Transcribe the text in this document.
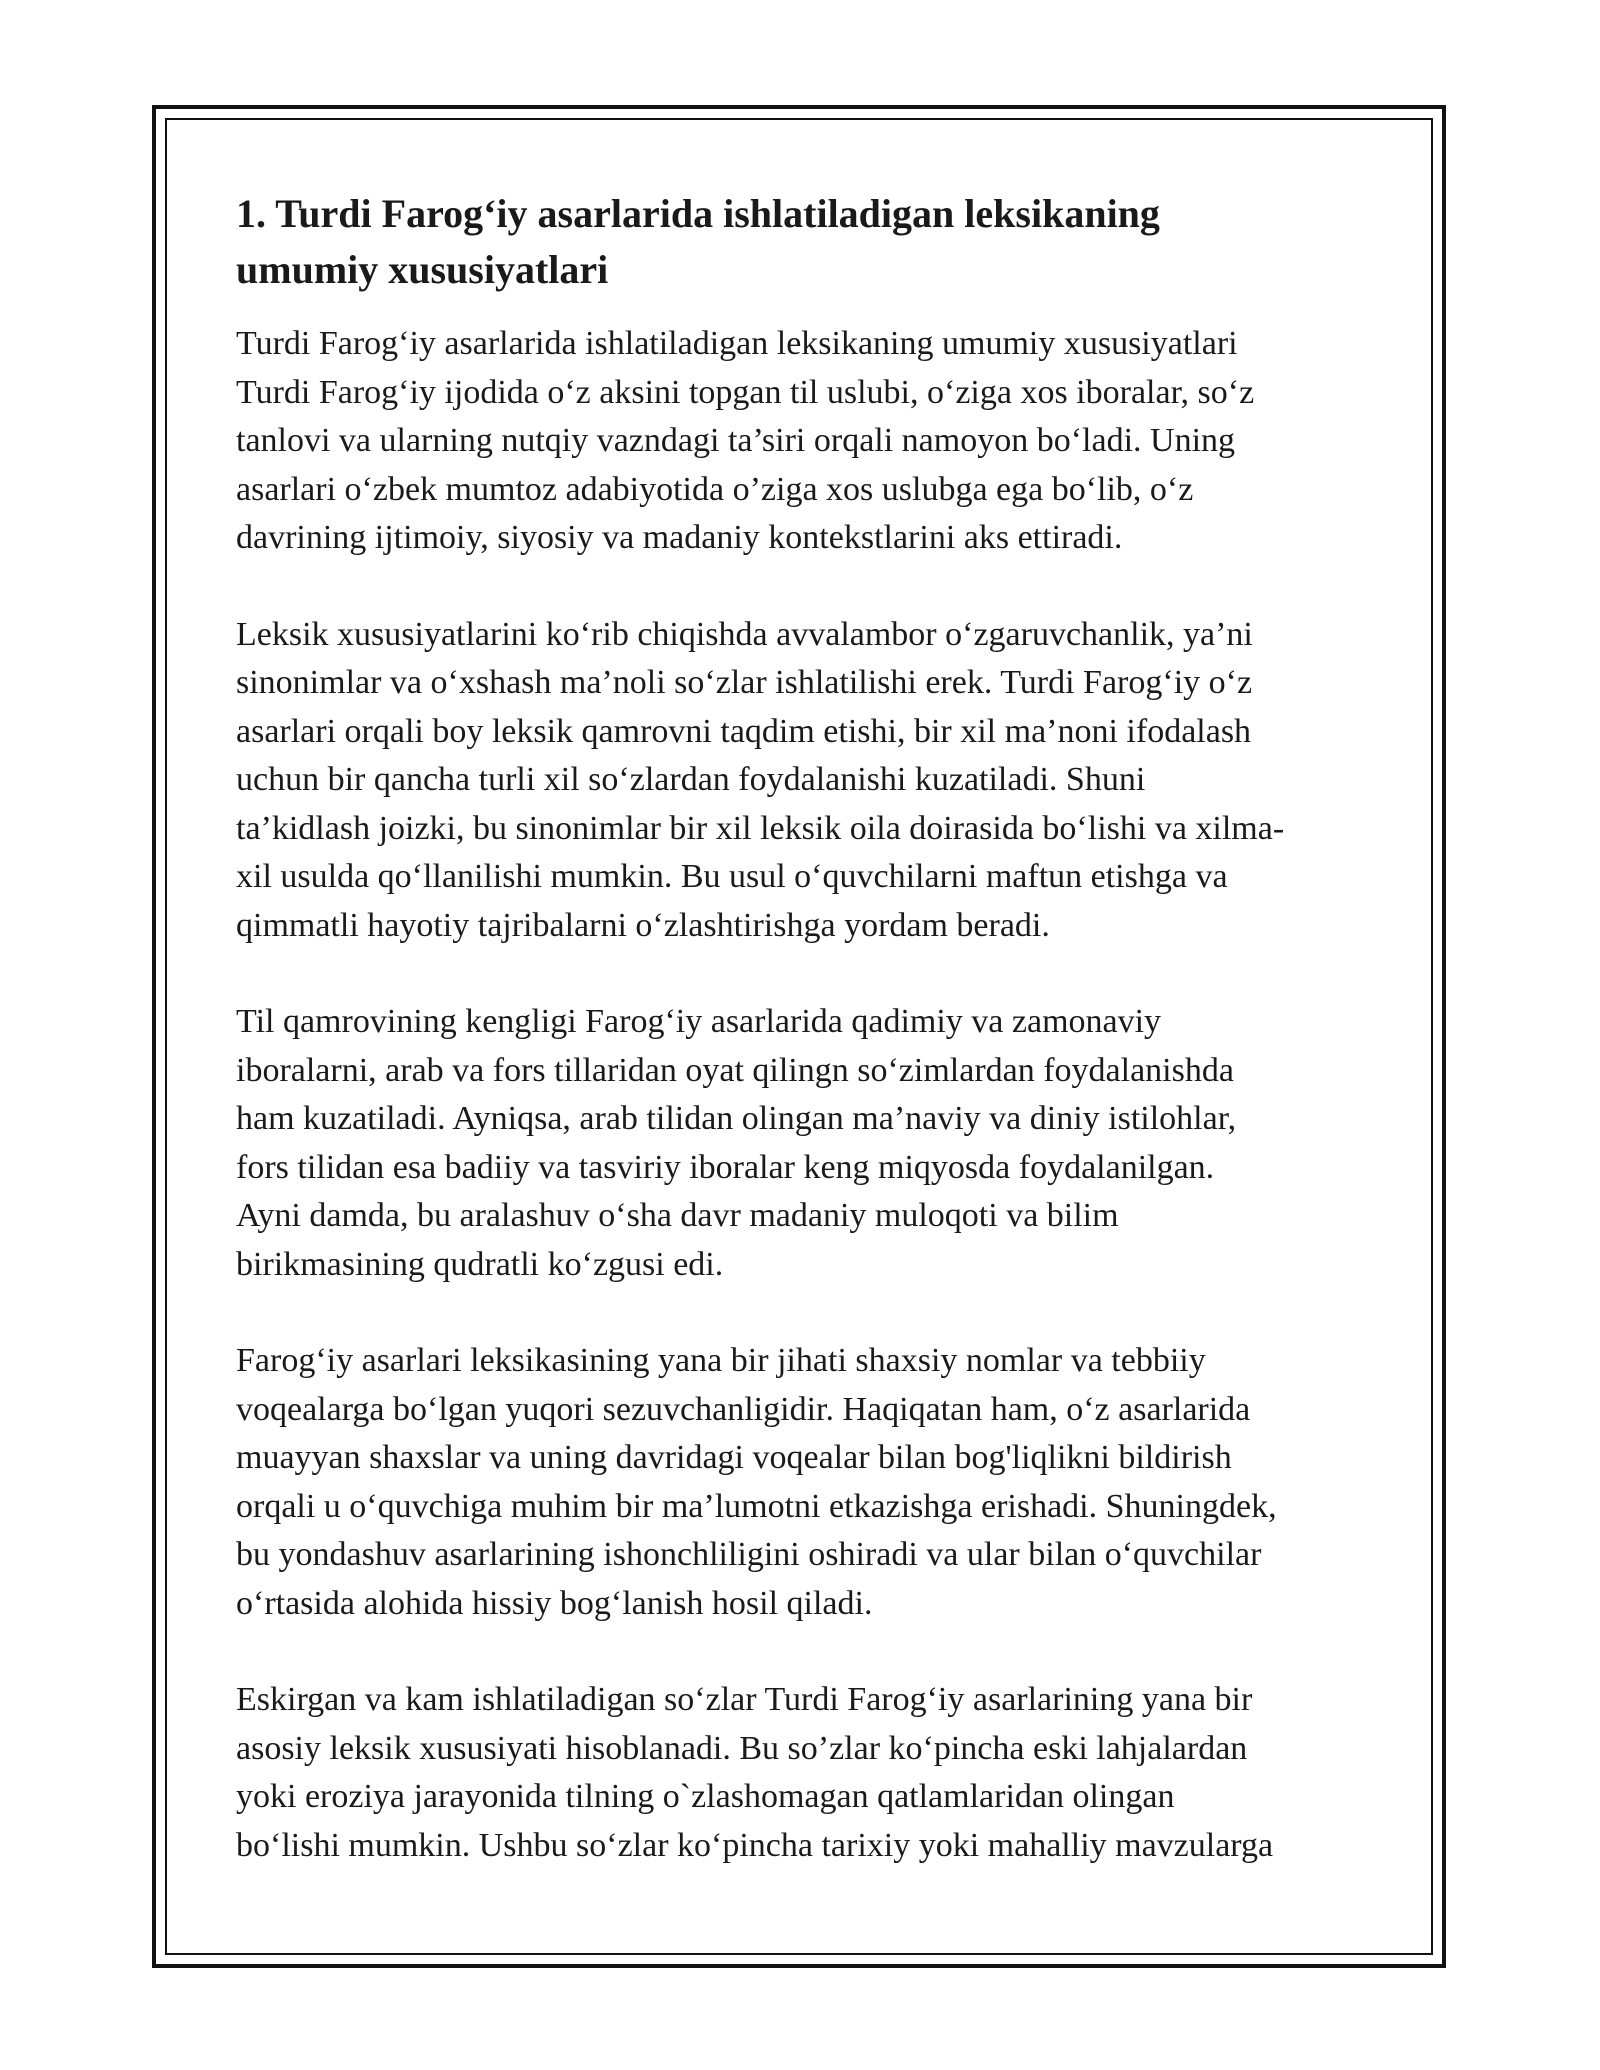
1. Turdi Farog‘iy asarlarida ishlatiladigan leksikaning
umumiy xususiyatlari

Turdi Farog‘iy asarlarida ishlatiladigan leksikaning umumiy xususiyatlari
Turdi Farog‘iy ijodida o‘z aksini topgan til uslubi, o‘ziga xos iboralar, so‘z
tanlovi va ularning nutqiy vazndagi ta’siri orqali namoyon bo‘ladi. Uning
asarlari o‘zbek mumtoz adabiyotida o’ziga xos uslubga ega bo‘lib, o‘z
davrining ijtimoiy, siyosiy va madaniy kontekstlarini aks ettiradi.

Leksik xususiyatlarini ko‘rib chiqishda avvalambor o‘zgaruvchanlik, ya’ni
sinonimlar va o‘xshash ma’noli so‘zlar ishlatilishi erek. Turdi Farog‘iy o‘z
asarlari orqali boy leksik qamrovni taqdim etishi, bir xil ma’noni ifodalash
uchun bir qancha turli xil so‘zlardan foydalanishi kuzatiladi. Shuni
ta’kidlash joizki, bu sinonimlar bir xil leksik oila doirasida bo‘lishi va xilma-
xil usulda qo‘llanilishi mumkin. Bu usul o‘quvchilarni maftun etishga va
qimmatli hayotiy tajribalarni o‘zlashtirishga yordam beradi.

Til qamrovining kengligi Farog‘iy asarlarida qadimiy va zamonaviy
iboralarni, arab va fors tillaridan oyat qilingn so‘zimlardan foydalanishda
ham kuzatiladi. Ayniqsa, arab tilidan olingan ma’naviy va diniy istilohlar,
fors tilidan esa badiiy va tasviriy iboralar keng miqyosda foydalanilgan.
Ayni damda, bu aralashuv o‘sha davr madaniy muloqoti va bilim
birikmasining qudratli ko‘zgusi edi.

Farog‘iy asarlari leksikasining yana bir jihati shaxsiy nomlar va tebbiiy
voqealarga bo‘lgan yuqori sezuvchanligidir. Haqiqatan ham, o‘z asarlarida
muayyan shaxslar va uning davridagi voqealar bilan bog'liqlikni bildirish
orqali u o‘quvchiga muhim bir ma’lumotni etkazishga erishadi. Shuningdek,
bu yondashuv asarlarining ishonchliligini oshiradi va ular bilan o‘quvchilar
o‘rtasida alohida hissiy bog‘lanish hosil qiladi.

Eskirgan va kam ishlatiladigan so‘zlar Turdi Farog‘iy asarlarining yana bir
asosiy leksik xususiyati hisoblanadi. Bu so’zlar ko‘pincha eski lahjalardan
yoki eroziya jarayonida tilning o`zlashomagan qatlamlaridan olingan
bo‘lishi mumkin. Ushbu so‘zlar ko‘pincha tarixiy yoki mahalliy mavzularga
